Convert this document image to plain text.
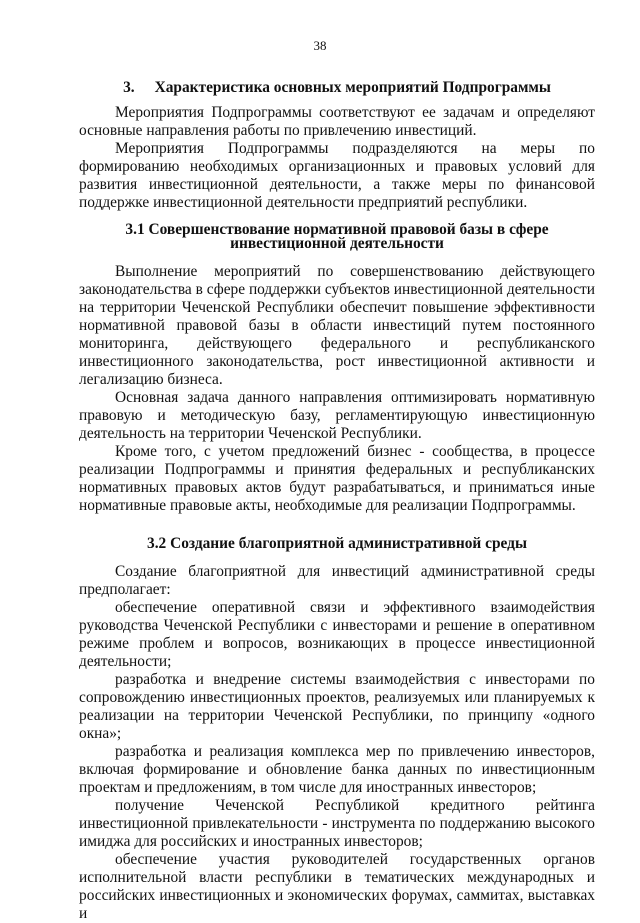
38
3. Характеристика основных мероприятий Подпрограммы

Мероприятия Подпрограммы соответствуют ее задачам и определяют основные направления работы по привлечению инвестиций.

Мероприятия Подпрограммы подразделяются на меры по формированию необходимых организационных и правовых условий для развития инвестиционной деятельности, а также меры по финансовой поддержке инвестиционной деятельности предприятий республики.

3.1 Совершенствование нормативной правовой базы в сфере инвестиционной деятельности

Выполнение мероприятий по совершенствованию действующего законодательства в сфере поддержки субъектов инвестиционной деятельности на территории Чеченской Республики обеспечит повышение эффективности нормативной правовой базы в области инвестиций путем постоянного мониторинга, действующего федерального и республиканского инвестиционного законодательства, рост инвестиционной активности и легализацию бизнеса.

Основная задача данного направления оптимизировать нормативную правовую и методическую базу, регламентирующую инвестиционную деятельность на территории Чеченской Республики.

Кроме того, с учетом предложений бизнес - сообщества, в процессе реализации Подпрограммы и принятия федеральных и республиканских нормативных правовых актов будут разрабатываться, и приниматься иные нормативные правовые акты, необходимые для реализации Подпрограммы.

3.2 Создание благоприятной административной среды

Создание благоприятной для инвестиций административной среды предполагает:

обеспечение оперативной связи и эффективного взаимодействия руководства Чеченской Республики с инвесторами и решение в оперативном режиме проблем и вопросов, возникающих в процессе инвестиционной деятельности;

разработка и внедрение системы взаимодействия с инвесторами по сопровождению инвестиционных проектов, реализуемых или планируемых к реализации на территории Чеченской Республики, по принципу «одного окна»;

разработка и реализация комплекса мер по привлечению инвесторов, включая формирование и обновление банка данных по инвестиционным проектам и предложениям, в том числе для иностранных инвесторов;

получение Чеченской Республикой кредитного рейтинга инвестиционной привлекательности - инструмента по поддержанию высокого имиджа для российских и иностранных инвесторов;

обеспечение участия руководителей государственных органов исполнительной власти республики в тематических международных и российских инвестиционных и экономических форумах, саммитах, выставках и
